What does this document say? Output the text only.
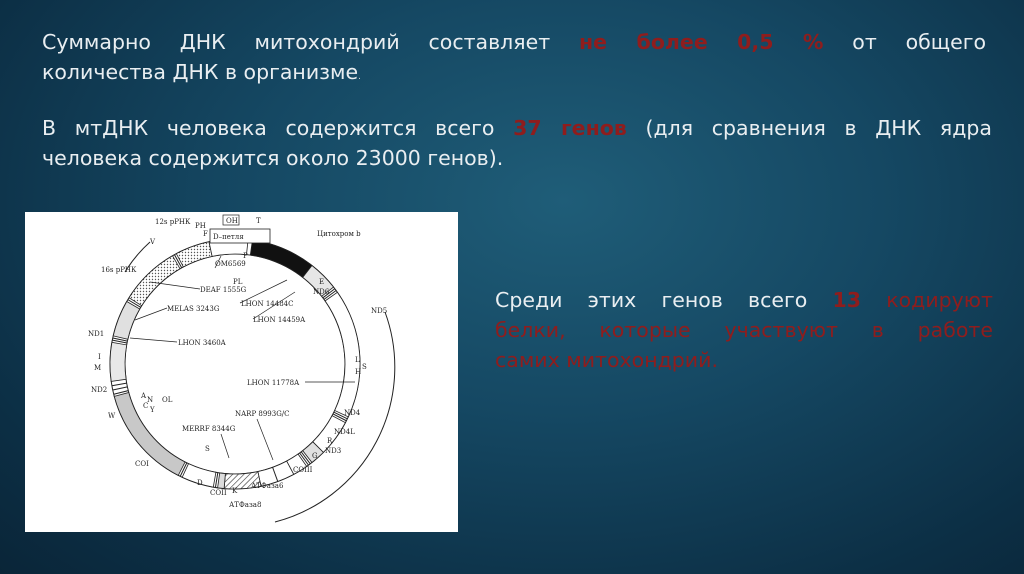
Суммарно ДНК митохондрий составляет не более 0,5 % от общего
количества ДНК в организме.

В мтДНК человека содержится всего 37 генов (для сравнения в ДНК ядра
человека содержится около 23000 генов).

Среди этих генов всего 13 кодируют
белки, которые участвуют в работе
самих митохондрий.

D–петля
OH	T
Цитохром b
PH
F
12s рРНК
V
OM6569
PL
P
E
ND6
16s рРНК
DEAF 1555G
LHON 14484C
LHON 14459A
MELAS 3243G	ND5
ND1
LHON 3460A
I
M
L
S
H
ND2
LHON 11778A
A N
C Y
OL
W	NARP 8993G/C	ND4
ND4L
MERRF 8344G
R
ND3
G
S
COI
COIII
D	АТФаза6
COII K
АТФаза8
